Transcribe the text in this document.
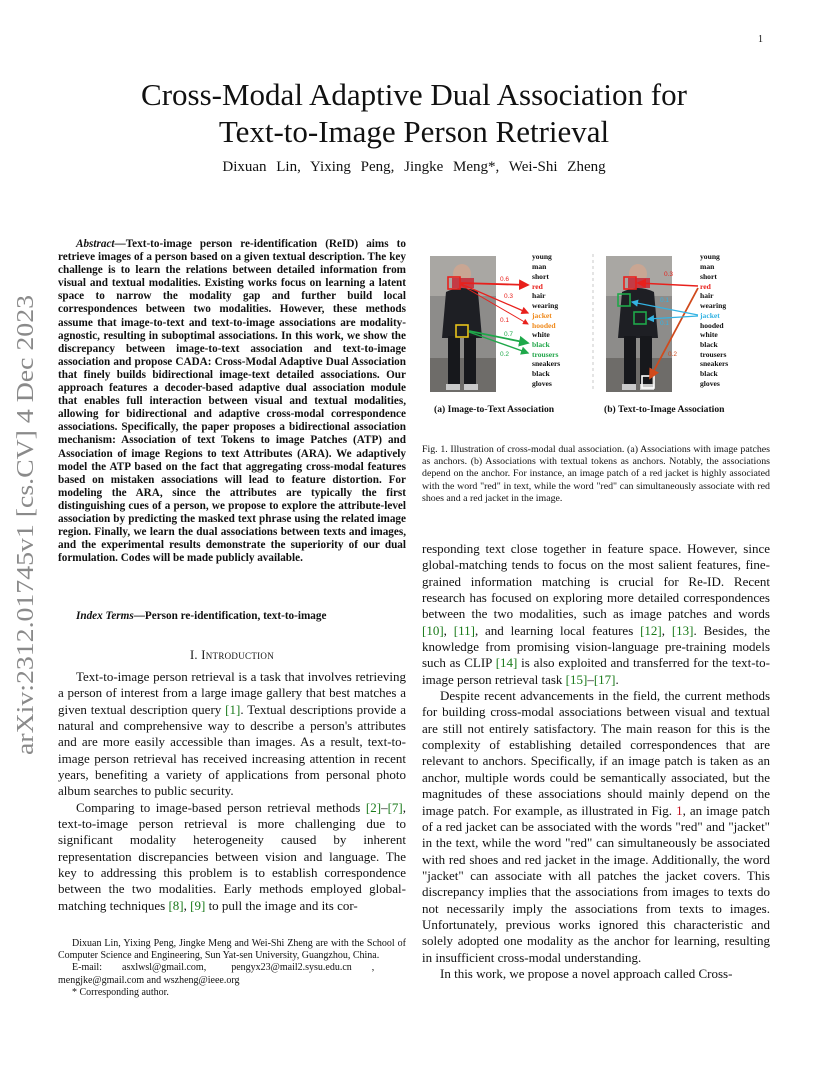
1
arXiv:2312.01745v1 [cs.CV] 4 Dec 2023
Cross-Modal Adaptive Dual Association for
Text-to-Image Person Retrieval
Dixuan Lin, Yixing Peng, Jingke Meng*, Wei-Shi Zheng
Abstract—Text-to-image person re-identification (ReID) aims to retrieve images of a person based on a given textual description. The key challenge is to learn the relations between detailed information from visual and textual modalities. Existing works focus on learning a latent space to narrow the modality gap and further build local correspondences between two modalities. However, these methods assume that image-to-text and text-to-image associations are modality-agnostic, resulting in suboptimal associations. In this work, we show the discrepancy between image-to-text association and text-to-image association and propose CADA: Cross-Modal Adaptive Dual Association that finely builds bidirectional image-text detailed associations. Our approach features a decoder-based adaptive dual association module that enables full interaction between visual and textual modalities, allowing for bidirectional and adaptive cross-modal correspondence associations. Specifically, the paper proposes a bidirectional association mechanism: Association of text Tokens to image Patches (ATP) and Association of image Regions to text Attributes (ARA). We adaptively model the ATP based on the fact that aggregating cross-modal features based on mistaken associations will lead to feature distortion. For modeling the ARA, since the attributes are typically the first distinguishing cues of a person, we propose to explore the attribute-level association by predicting the masked text phrase using the related image region. Finally, we learn the dual associations between texts and images, and the experimental results demonstrate the superiority of our dual formulation. Codes will be made publicly available.
Index Terms—Person re-identification, text-to-image
I. Introduction

Text-to-image person retrieval is a task that involves retrieving a person of interest from a large image gallery that best matches a given textual description query [1]. Textual descriptions provide a natural and comprehensive way to describe a person's attributes and are more easily accessible than images. As a result, text-to-image person retrieval has received increasing attention in recent years, benefiting a variety of applications from personal photo album searches to public security.

Comparing to image-based person retrieval methods [2]–[7], text-to-image person retrieval is more challenging due to significant modality heterogeneity caused by inherent representation discrepancies between vision and language. The key to addressing this problem is to establish correspondence between the two modalities. Early methods employed global-matching techniques [8], [9] to pull the image and its cor-

Dixuan Lin, Yixing Peng, Jingke Meng and Wei-Shi Zheng are with the School of Computer Science and Engineering, Sun Yat-sen University, Guangzhou, China.

E-mail: asxlwsl@gmail.com,	pengyx23@mail2.sysu.edu.cn ,

mengjke@gmail.com and wszheng@ieee.org

* Corresponding author.

0.6
0.3
0.1
0.7
0.2
young
man
short
red
hair
wearing
jacket
hooded
white
black
trousers
sneakers
black
gloves
0.3
0.1
0.1
0.2
young
man
short
red
hair
wearing
jacket
hooded
white
black
trousers
sneakers
black
gloves
(a) Image-to-Text Association	(b) Text-to-Image Association
Fig. 1. Illustration of cross-modal dual association. (a) Associations with image patches as anchors. (b) Associations with textual tokens as anchors. Notably, the associations depend on the anchor. For instance, an image patch of a red jacket is highly associated with the word "red" in text, while the word "red" can simultaneously associate with red shoes and a red jacket in the image.

responding text close together in feature space. However, since global-matching tends to focus on the most salient features, fine-grained information matching is crucial for Re-ID. Recent research has focused on exploring more detailed correspondences between the two modalities, such as image patches and words [10], [11], and learning local features [12], [13]. Besides, the knowledge from promising vision-language pre-training models such as CLIP [14] is also exploited and transferred for the text-to-image person retrieval task [15]–[17].

Despite recent advancements in the field, the current methods for building cross-modal associations between visual and textual are still not entirely satisfactory. The main reason for this is the complexity of establishing detailed correspondences that are relevant to anchors. Specifically, if an image patch is taken as an anchor, multiple words could be semantically associated, but the magnitudes of these associations should mainly depend on the image patch. For example, as illustrated in Fig. 1, an image patch of a red jacket can be associated with the words "red" and "jacket" in the text, while the word "red" can simultaneously be associated with red shoes and red jacket in the image. Additionally, the word "jacket" can associate with all patches the jacket covers. This discrepancy implies that the associations from images to texts do not necessarily imply the associations from texts to images. Unfortunately, previous works ignored this characteristic and solely adopted one modality as the anchor for learning, resulting in insufficient cross-modal understanding.

In this work, we propose a novel approach called Cross-
